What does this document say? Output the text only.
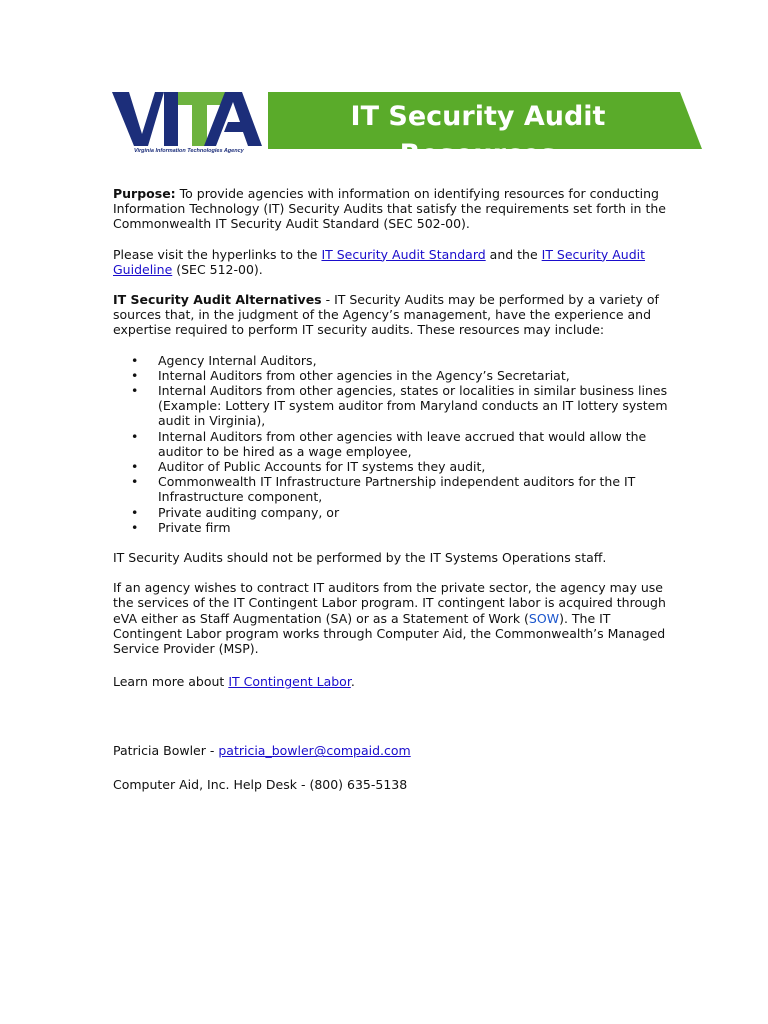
Virginia Information Technologies Agency
IT Security Audit Resources

Purpose: To provide agencies with information on identifying resources for conducting Information Technology (IT) Security Audits that satisfy the requirements set forth in the Commonwealth IT Security Audit Standard (SEC 502-00).

Please visit the hyperlinks to the IT Security Audit Standard and the IT Security Audit Guideline (SEC 512-00).

IT Security Audit Alternatives - IT Security Audits may be performed by a variety of sources that, in the judgment of the Agency’s management, have the experience and expertise required to perform IT security audits. These resources may include:

• Agency Internal Auditors,
• Internal Auditors from other agencies in the Agency’s Secretariat,
• Internal Auditors from other agencies, states or localities in similar business lines (Example: Lottery IT system auditor from Maryland conducts an IT lottery system audit in Virginia),
• Internal Auditors from other agencies with leave accrued that would allow the auditor to be hired as a wage employee,
• Auditor of Public Accounts for IT systems they audit,
• Commonwealth IT Infrastructure Partnership independent auditors for the IT Infrastructure component,
• Private auditing company, or
• Private firm

IT Security Audits should not be performed by the IT Systems Operations staff.

If an agency wishes to contract IT auditors from the private sector, the agency may use the services of the IT Contingent Labor program. IT contingent labor is acquired through eVA either as Staff Augmentation (SA) or as a Statement of Work (SOW). The IT Contingent Labor program works through Computer Aid, the Commonwealth’s Managed Service Provider (MSP).

Learn more about IT Contingent Labor.

Patricia Bowler - patricia_bowler@compaid.com

Computer Aid, Inc. Help Desk - (800) 635-5138
